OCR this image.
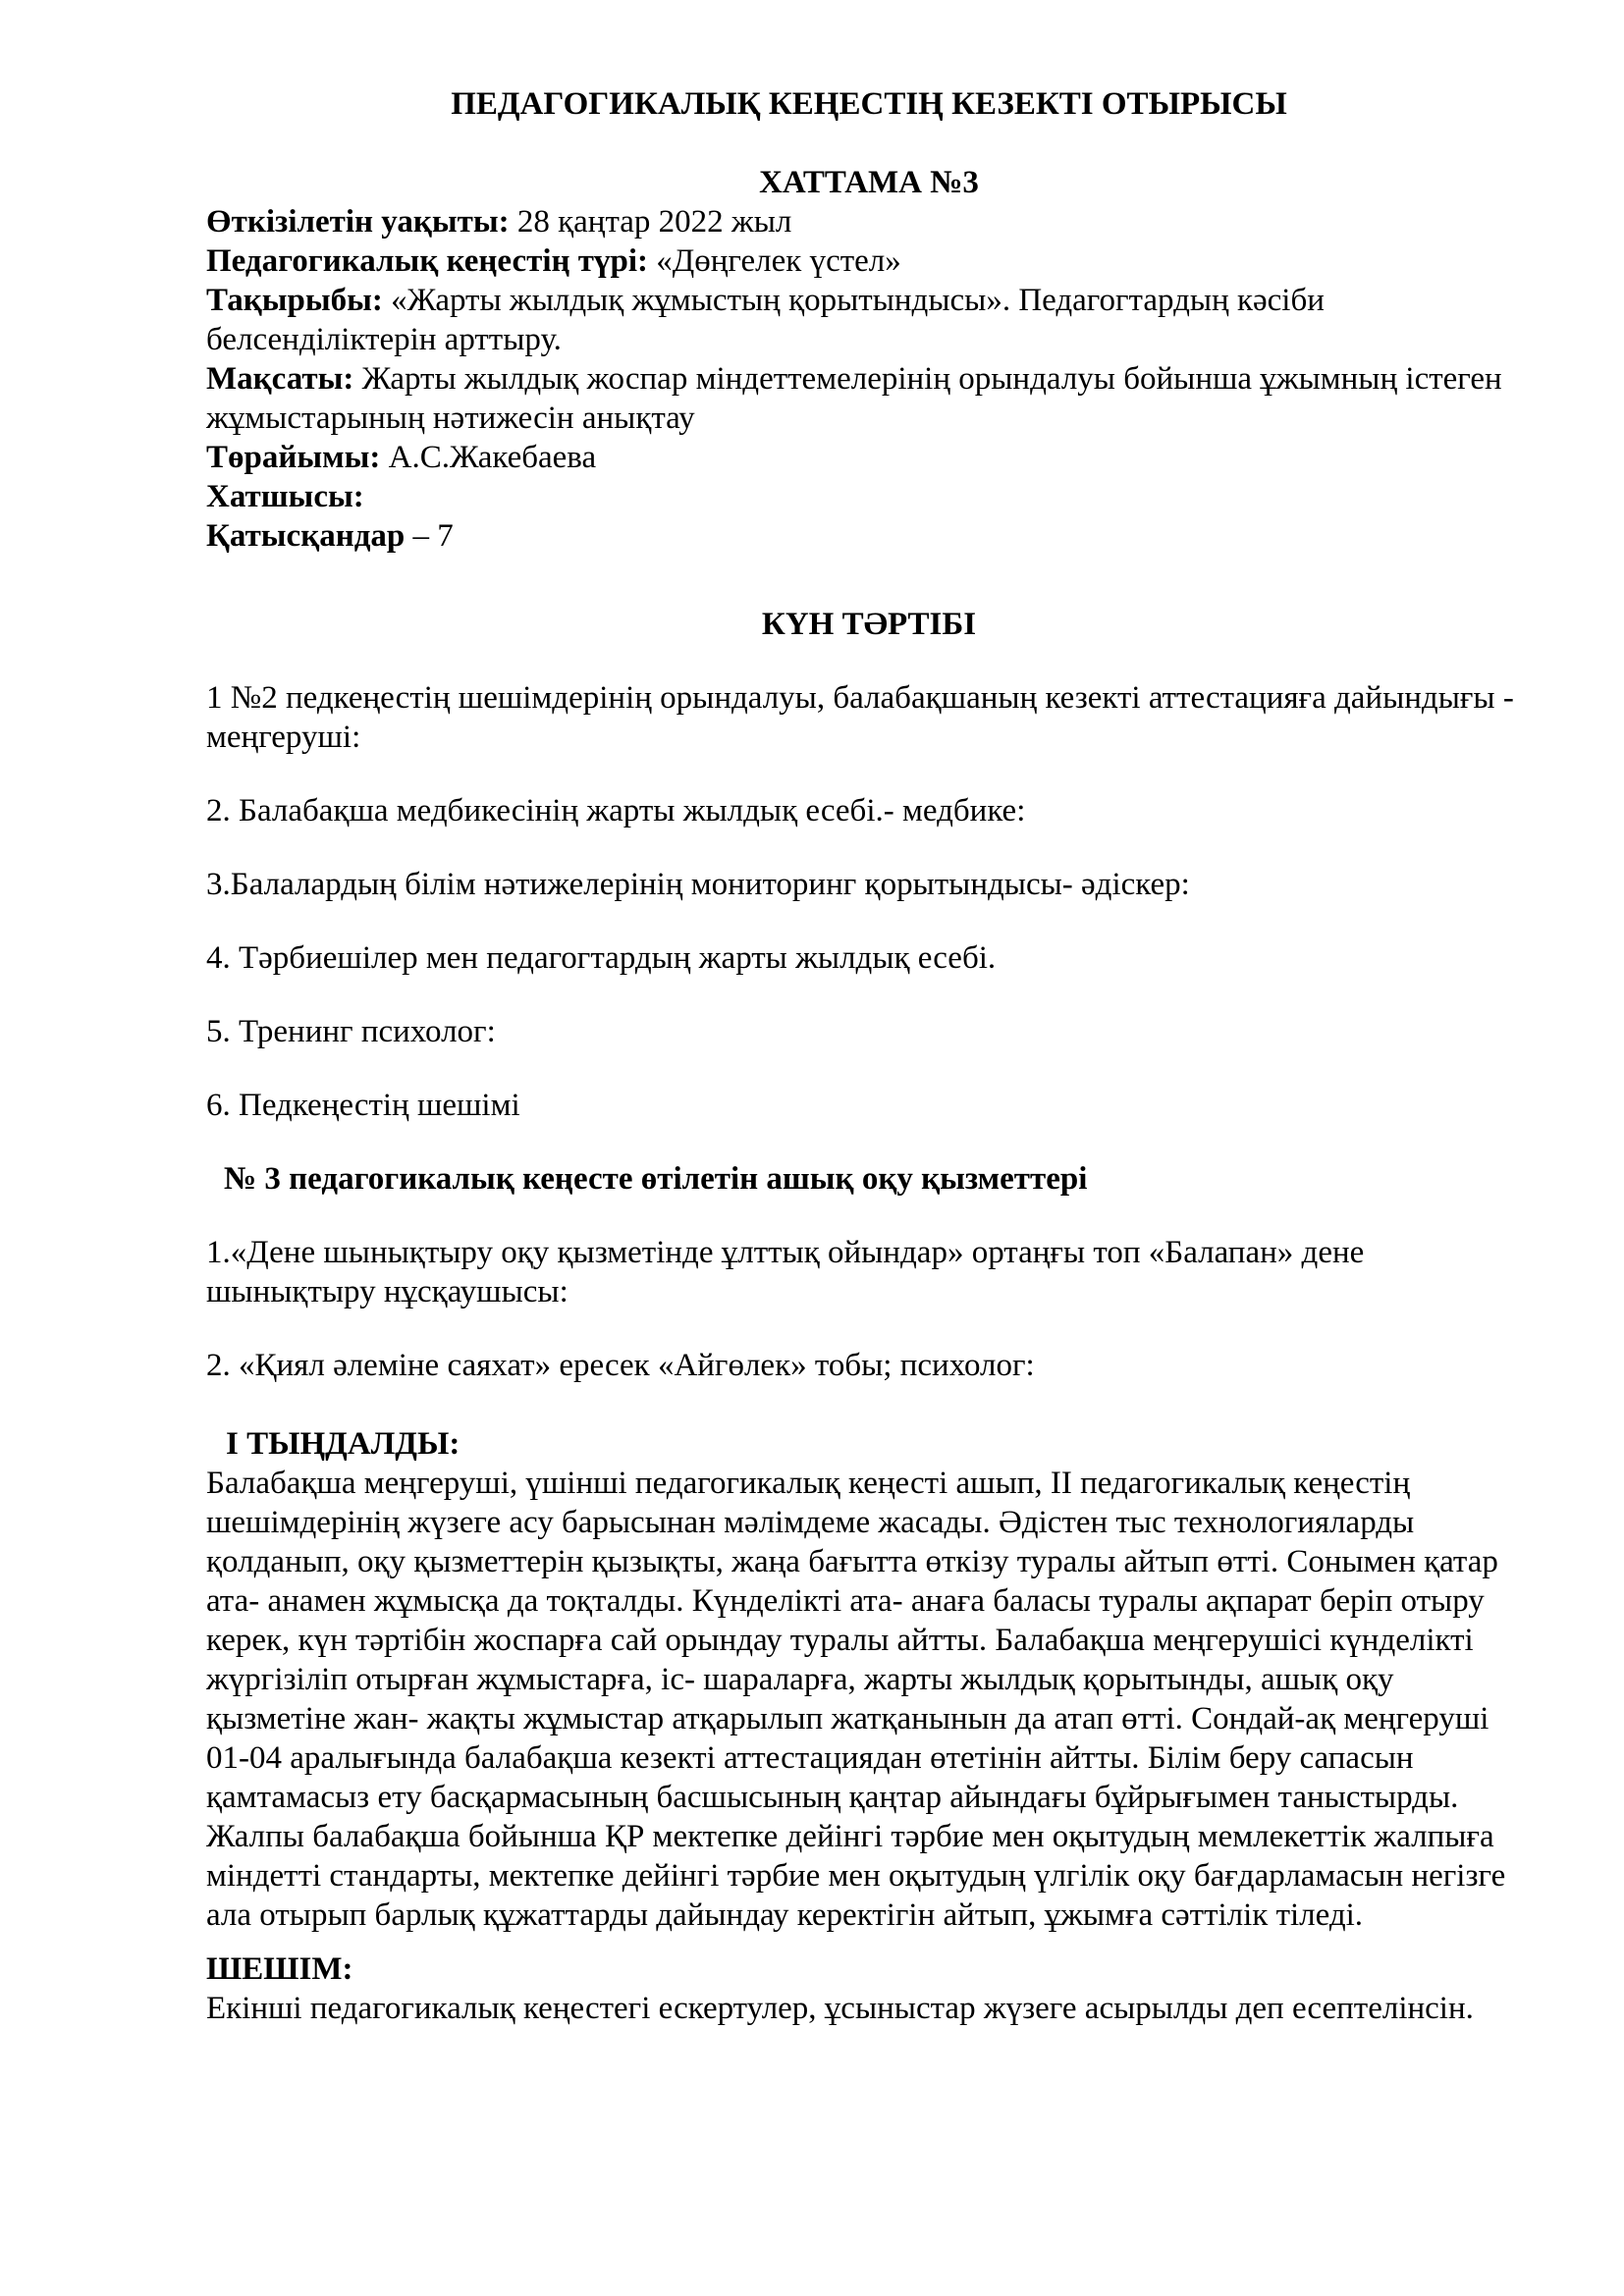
ПЕДАГОГИКАЛЫҚ КЕҢЕСТІҢ КЕЗЕКТІ ОТЫРЫСЫ
ХАТТАМА №3

Өткізілетін уақыты: 28 қаңтар 2022 жыл

Педагогикалық кеңестің түрі: «Дөңгелек үстел»

Тақырыбы: «Жарты жылдық жұмыстың қорытындысы». Педагогтардың кәсіби белсенділіктерін арттыру.

Мақсаты: Жарты жылдық жоспар міндеттемелерінің орындалуы бойынша ұжымның істеген жұмыстарының нәтижесін анықтау

Төрайымы: А.С.Жакебаева

Хатшысы:

Қатысқандар – 7

КҮН ТӘРТІБІ

1 №2 педкеңестің шешімдерінің орындалуы, балабақшаның кезекті аттестацияға дайындығы - меңгеруші:

2. Балабақша медбикесінің жарты жылдық есебі.- медбике:

3.Балалардың білім нәтижелерінің мониторинг қорытындысы- әдіскер:

4. Тәрбиешілер мен педагогтардың жарты жылдық есебі.

5. Тренинг психолог:

6. Педкеңестің шешімі

№ 3 педагогикалық кеңесте өтілетін ашық оқу қызметтері

1.«Дене шынықтыру оқу қызметінде ұлттық ойындар» ортаңғы топ «Балапан» дене шынықтыру нұсқаушысы:

2. «Қиял әлеміне саяхат» ересек «Айгөлек» тобы; психолог:

І ТЫҢДАЛДЫ:

Балабақша меңгеруші, үшінші педагогикалық кеңесті ашып, ІІ педагогикалық кеңестің шешімдерінің жүзеге асу барысынан мәлімдеме жасады. Әдістен тыс технологияларды қолданып, оқу қызметтерін қызықты, жаңа бағытта өткізу туралы айтып өтті. Сонымен қатар ата- анамен жұмысқа да тоқталды. Күнделікті ата- анаға баласы туралы ақпарат беріп отыру керек, күн тәртібін жоспарға сай орындау туралы айтты. Балабақша меңгерушісі күнделікті жүргізіліп отырған жұмыстарға, іс- шараларға, жарты жылдық қорытынды, ашық оқу қызметіне жан- жақты жұмыстар атқарылып жатқанынын да атап өтті. Сондай-ақ меңгеруші 01-04 аралығында балабақша кезекті аттестациядан өтетінін айтты. Білім беру сапасын қамтамасыз ету басқармасының басшысының қаңтар айындағы бұйрығымен таныстырды. Жалпы балабақша бойынша ҚР мектепке дейінгі тәрбие мен оқытудың мемлекеттік жалпыға міндетті стандарты, мектепке дейінгі тәрбие мен оқытудың үлгілік оқу бағдарламасын негізге ала отырып барлық құжаттарды дайындау керектігін айтып, ұжымға сәттілік тіледі.

ШЕШІМ:

Екінші педагогикалық кеңестегі ескертулер, ұсыныстар жүзеге асырылды деп есептелінсін.
